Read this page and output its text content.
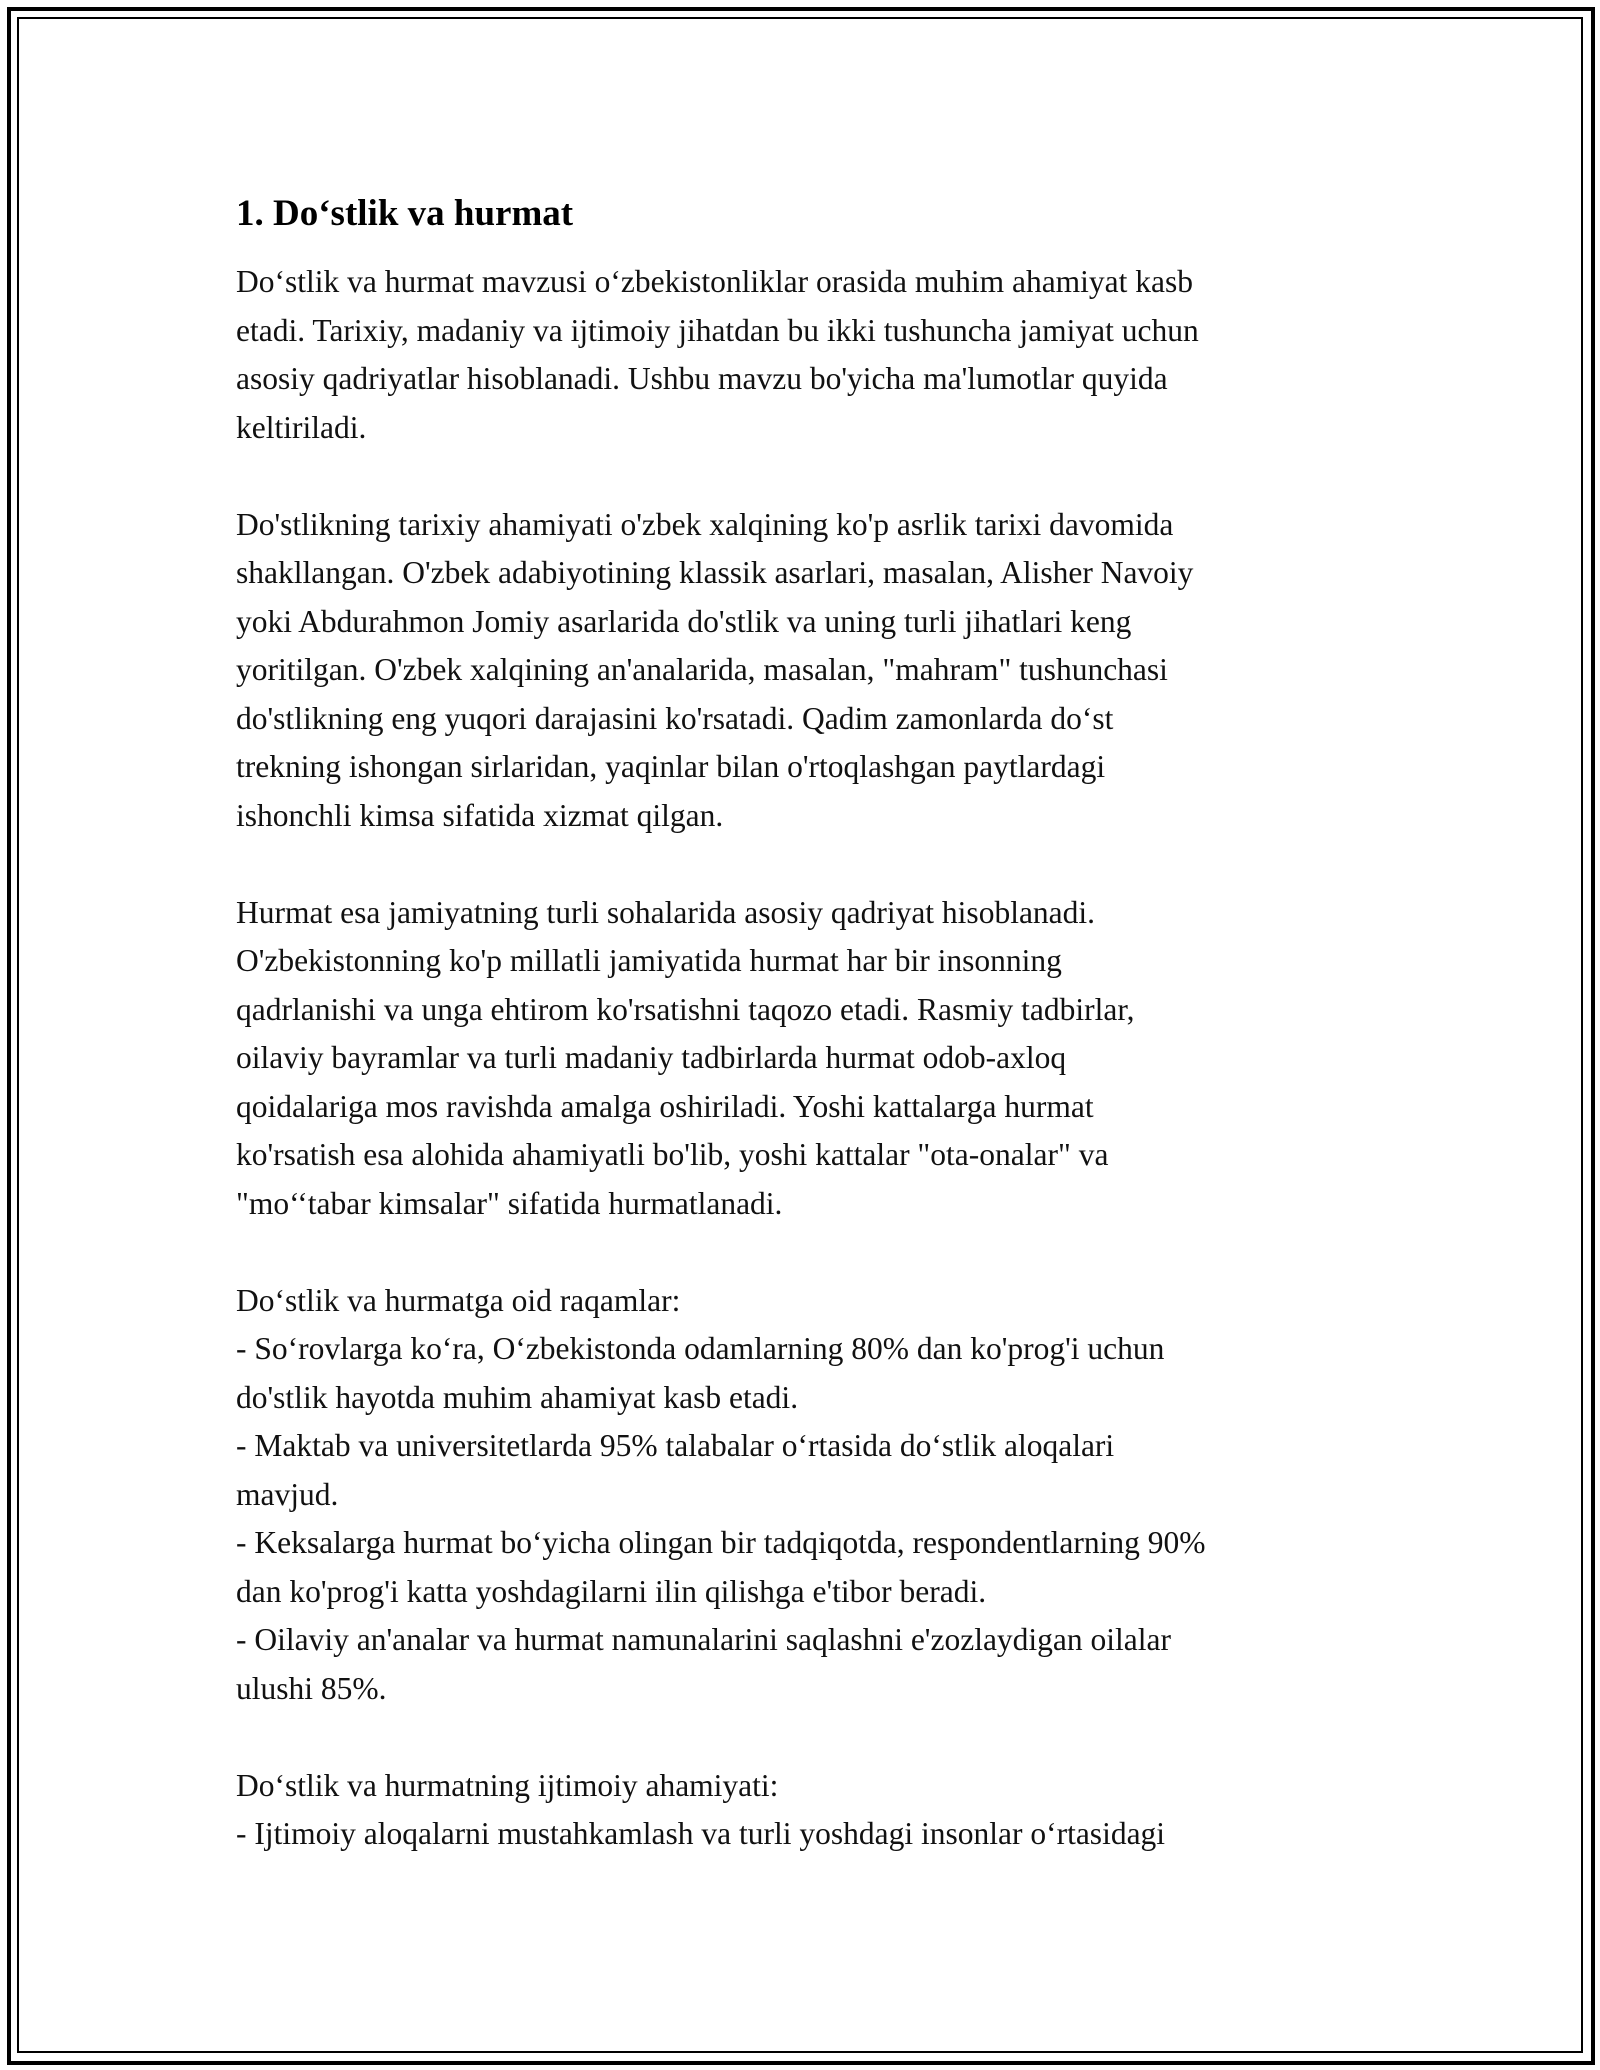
1. Do‘stlik va hurmat
Do‘stlik va hurmat mavzusi o‘zbekistonliklar orasida muhim ahamiyat kasb
etadi. Tarixiy, madaniy va ijtimoiy jihatdan bu ikki tushuncha jamiyat uchun
asosiy qadriyatlar hisoblanadi. Ushbu mavzu bo'yicha ma'lumotlar quyida
keltiriladi.
Do'stlikning tarixiy ahamiyati o'zbek xalqining ko'p asrlik tarixi davomida
shakllangan. O'zbek adabiyotining klassik asarlari, masalan, Alisher Navoiy
yoki Abdurahmon Jomiy asarlarida do'stlik va uning turli jihatlari keng
yoritilgan. O'zbek xalqining an'analarida, masalan, "mahram" tushunchasi
do'stlikning eng yuqori darajasini ko'rsatadi. Qadim zamonlarda do‘st
trekning ishongan sirlaridan, yaqinlar bilan o'rtoqlashgan paytlardagi
ishonchli kimsa sifatida xizmat qilgan.
Hurmat esa jamiyatning turli sohalarida asosiy qadriyat hisoblanadi.
O'zbekistonning ko'p millatli jamiyatida hurmat har bir insonning
qadrlanishi va unga ehtirom ko'rsatishni taqozo etadi. Rasmiy tadbirlar,
oilaviy bayramlar va turli madaniy tadbirlarda hurmat odob-axloq
qoidalariga mos ravishda amalga oshiriladi. Yoshi kattalarga hurmat
ko'rsatish esa alohida ahamiyatli bo'lib, yoshi kattalar "ota-onalar" va
"mo‘‘tabar kimsalar" sifatida hurmatlanadi.
Do‘stlik va hurmatga oid raqamlar:
- So‘rovlarga ko‘ra, O‘zbekistonda odamlarning 80% dan ko'prog'i uchun
do'stlik hayotda muhim ahamiyat kasb etadi.
- Maktab va universitetlarda 95% talabalar o‘rtasida do‘stlik aloqalari
mavjud.
- Keksalarga hurmat bo‘yicha olingan bir tadqiqotda, respondentlarning 90%
dan ko'prog'i katta yoshdagilarni ilin qilishga e'tibor beradi.
- Oilaviy an'analar va hurmat namunalarini saqlashni e'zozlaydigan oilalar
ulushi 85%.
Do‘stlik va hurmatning ijtimoiy ahamiyati:
- Ijtimoiy aloqalarni mustahkamlash va turli yoshdagi insonlar o‘rtasidagi
